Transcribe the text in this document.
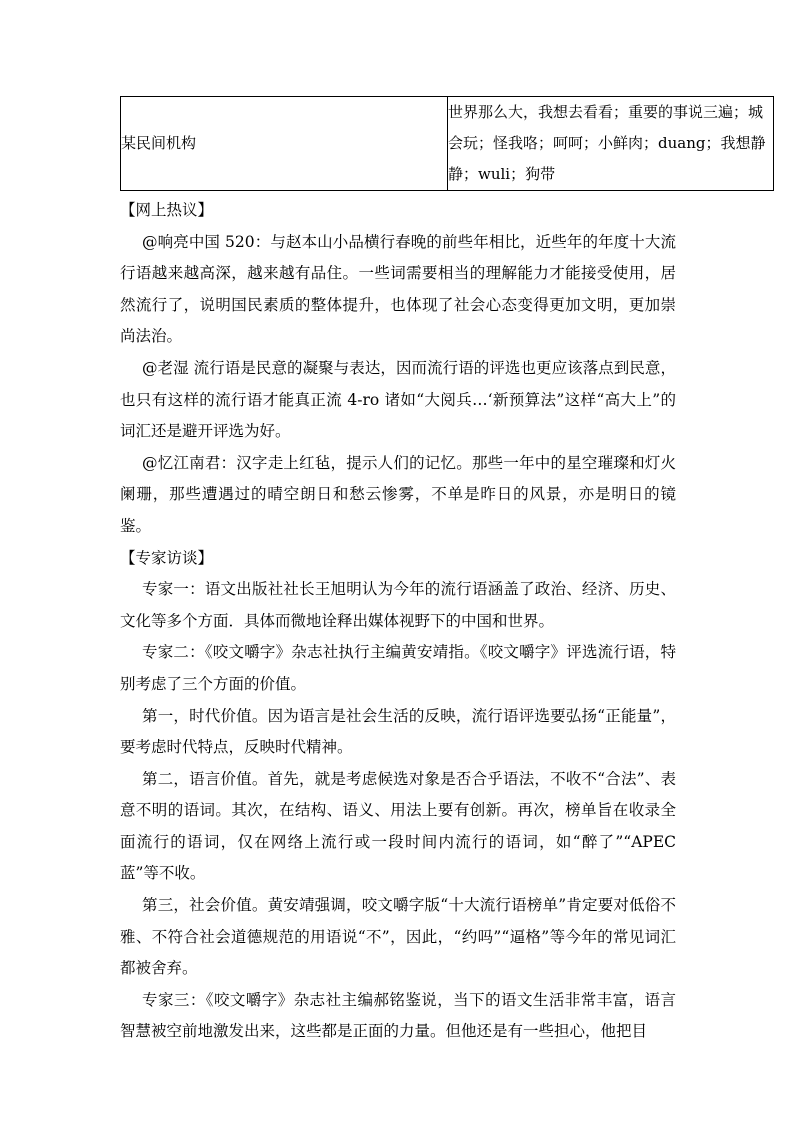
某民间机构	世界那么大，我想去看看；重要的事说三遍；城会玩；怪我咯；呵呵；小鲜肉；duang；我想静静；wuli；狗带

【网上热议】

@响亮中国 520：与赵本山小品横行春晚的前些年相比，近些年的年度十大流行语越来越高深，越来越有品住。一些词需要相当的理解能力才能接受使用，居然流行了，说明国民素质的整体提升，也体现了社会心态变得更加文明，更加崇尚法治。

@老湿 流行语是民意的凝聚与表达，因而流行语的评选也更应该落点到民意，也只有这样的流行语才能真正流 4-ro 诸如“大阅兵…‘新预算法”这样“高大上”的词汇还是避开评选为好。

@忆江南君：汉字走上红毡，提示人们的记忆。那些一年中的星空璀璨和灯火阑珊，那些遭遇过的晴空朗日和愁云惨雾，不单是昨日的风景，亦是明日的镜鉴。

【专家访谈】

专家一：语文出版社社长王旭明认为今年的流行语涵盖了政治、经济、历史、文化等多个方面．具体而微地诠释出媒体视野下的中国和世界。

专家二：《咬文嚼字》杂志社执行主编黄安靖指。《咬文嚼字》评选流行语，特别考虑了三个方面的价值。

第一，时代价值。因为语言是社会生活的反映，流行语评选要弘扬“正能量”，要考虑时代特点，反映时代精神。

第二，语言价值。首先，就是考虑候选对象是否合乎语法，不收不“合法”、表意不明的语词。其次，在结构、语义、用法上要有创新。再次，榜单旨在收录全面流行的语词，仅在网络上流行或一段时间内流行的语词，如“醉了”“APEC蓝”等不收。

第三，社会价值。黄安靖强调，咬文嚼字版“十大流行语榜单”肯定要对低俗不雅、不符合社会道德规范的用语说“不”，因此，“约吗”“逼格”等今年的常见词汇都被舍弃。

专家三：《咬文嚼字》杂志社主编郝铭鉴说，当下的语文生活非常丰富，语言智慧被空前地激发出来，这些都是正面的力量。但他还是有一些担心，他把目
